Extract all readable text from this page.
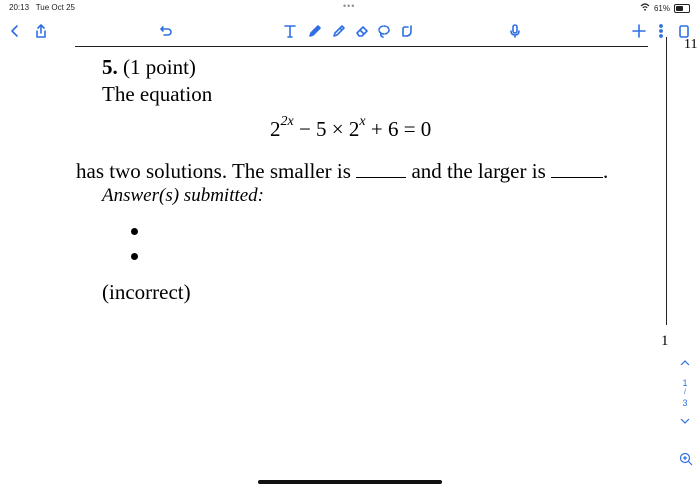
20:13 Tue Oct 25	•••	61%
11
5. (1 point)
The equation
$2^{2x} - 5 \times 2^x + 6 = 0$
has two solutions. The smaller is	and the larger is	.
Answer(s) submitted:
(incorrect)
1
1
/
3
